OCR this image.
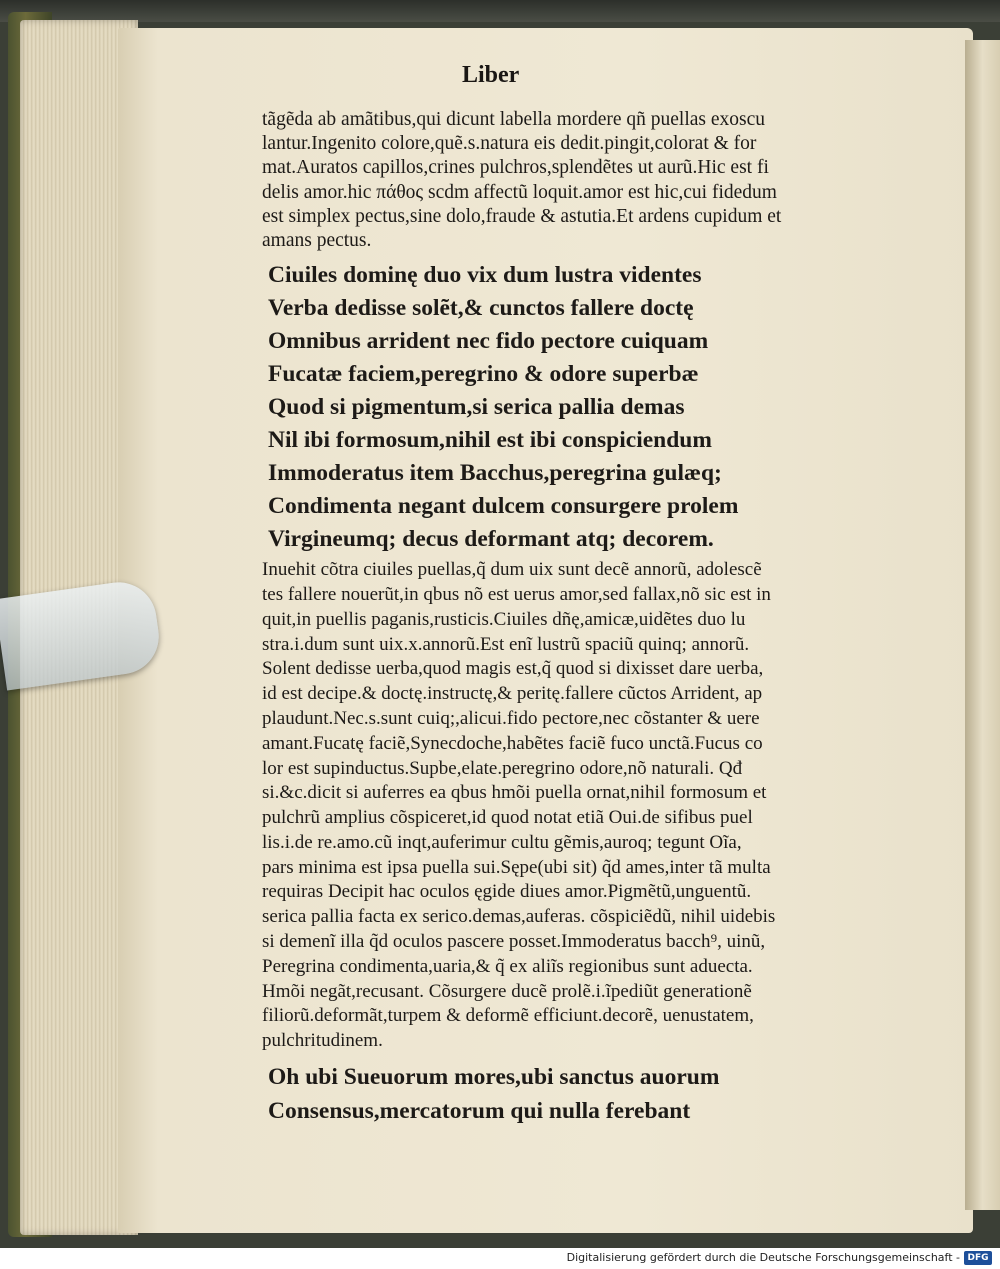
Liber
tãgẽda ab amãtibus,qui dicunt labella mordere qñ puellas exoscu
lantur.Ingenito colore,quẽ.s.natura eis dedit.pingit,colorat & for
mat.Auratos capillos,crines pulchros,splendẽtes ut aurũ.Hic est fi
delis amor.hic πάθος scdm affectũ loquit.amor est hic,cui fidedum
est simplex pectus,sine dolo,fraude & astutia.Et ardens cupidum et
amans pectus.
Ciuiles dominę duo vix dum lustra videntes
Verba dedisse solẽt,& cunctos fallere doctę
Omnibus arrident nec fido pectore cuiquam
Fucatæ faciem,peregrino & odore superbæ
Quod si pigmentum,si serica pallia demas
Nil ibi formosum,nihil est ibi conspiciendum
Immoderatus item Bacchus,peregrina gulæq;
Condimenta negant dulcem consurgere prolem
Virgineumq; decus deformant atq; decorem.
Inuehit cõtra ciuiles puellas,q̃ dum uix sunt decẽ annorũ, adolescẽ
tes fallere nouerũt,in qbus nõ est uerus amor,sed fallax,nõ sic est in
quit,in puellis paganis,rusticis.Ciuiles dñę,amicæ,uidẽtes duo lu
stra.i.dum sunt uix.x.annorũ.Est enĩ lustrũ spaciũ quinq; annorũ.
Solent dedisse uerba,quod magis est,q̃ quod si dixisset dare uerba,
id est decipe.& doctę.instructę,& peritę.fallere cũctos Arrident, ap
plaudunt.Nec.s.sunt cuiq;,alicui.fido pectore,nec cõstanter & uere
amant.Fucatę faciẽ,Synecdoche,habẽtes faciẽ fuco unctã.Fucus co
lor est supinductus.Supbe,elate.peregrino odore,nõ naturali. Qđ
si.&c.dicit si auferres ea qbus hmõi puella ornat,nihil formosum et
pulchrũ amplius cõspiceret,id quod notat etiã Oui.de sifibus puel
lis.i.de re.amo.cũ inqt,auferimur cultu gẽmis,auroq; tegunt Oĩa,
pars minima est ipsa puella sui.Sępe(ubi sit) q̃d ames,inter tã multa
requiras Decipit hac oculos ęgide diues amor.Pigmẽtũ,unguentũ.
serica pallia facta ex serico.demas,auferas. cõspiciẽdũ, nihil uidebis
si demenĩ illa q̃d oculos pascere posset.Immoderatus bacch⁹, uinũ,
Peregrina condimenta,uaria,& q̃ ex aliĩs regionibus sunt aduecta.
Hmõi negãt,recusant. Cõsurgere ducẽ prolẽ.i.ĩpediũt generationẽ
filiorũ.deformãt,turpem & deformẽ efficiunt.decorẽ, uenustatem,
pulchritudinem.
Oh ubi Sueuorum mores,ubi sanctus auorum
Consensus,mercatorum qui nulla ferebant
Digitalisierung gefördert durch die Deutsche Forschungsgemeinschaft - DFG
